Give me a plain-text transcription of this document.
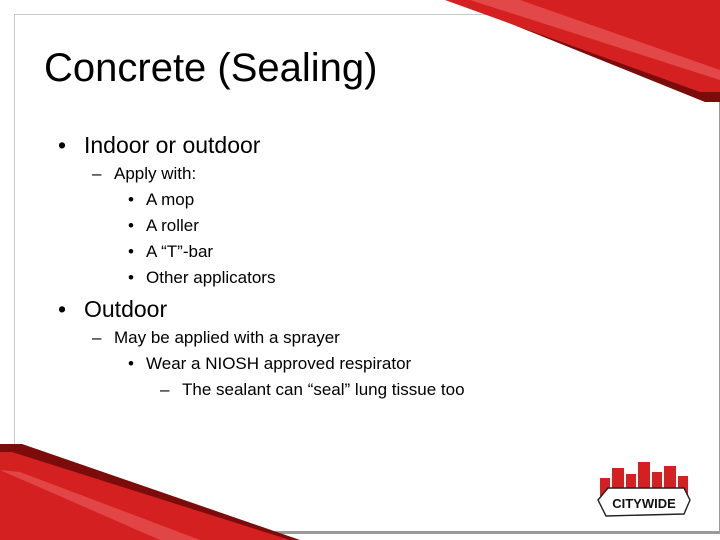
Concrete (Sealing)
• Indoor or outdoor
– Apply with:
• A mop
• A roller
• A “T”-bar
• Other applicators
• Outdoor
– May be applied with a sprayer
• Wear a NIOSH approved respirator
– The sealant can “seal” lung tissue too
CITYWIDE
